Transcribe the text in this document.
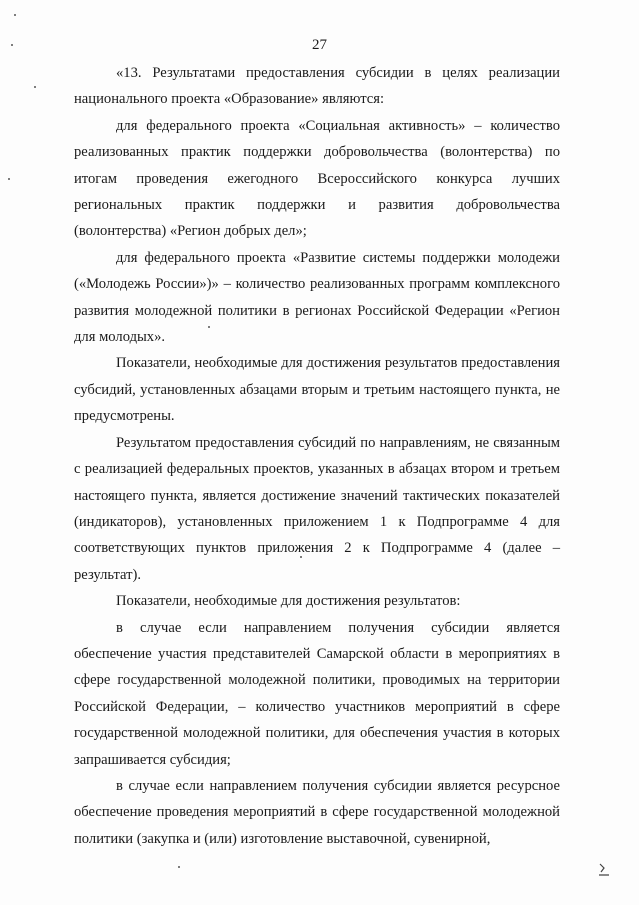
27

«13. Результатами предоставления субсидии в целях реализации национального проекта «Образование» являются:

для федерального проекта «Социальная активность» – количество реализованных практик поддержки добровольчества (волонтерства) по итогам проведения ежегодного Всероссийского конкурса лучших региональных практик поддержки и развития добровольчества (волонтерства) «Регион добрых дел»;

для федерального проекта «Развитие системы поддержки молодежи («Молодежь России»)» – количество реализованных программ комплексного развития молодежной политики в регионах Российской Федерации «Регион для молодых».

Показатели, необходимые для достижения результатов предоставления субсидий, установленных абзацами вторым и третьим настоящего пункта, не предусмотрены.

Результатом предоставления субсидий по направлениям, не связанным с реализацией федеральных проектов, указанных в абзацах втором и третьем настоящего пункта, является достижение значений тактических показателей (индикаторов), установленных приложением 1 к Подпрограмме 4 для соответствующих пунктов приложения 2 к Подпрограмме 4 (далее – результат).

Показатели, необходимые для достижения результатов:

в случае если направлением получения субсидии является обеспечение участия представителей Самарской области в мероприятиях в сфере государственной молодежной политики, проводимых на территории Российской Федерации, – количество участников мероприятий в сфере государственной молодежной политики, для обеспечения участия в которых запрашивается субсидия;

в случае если направлением получения субсидии является ресурсное обеспечение проведения мероприятий в сфере государственной молодежной политики (закупка и (или) изготовление выставочной, сувенирной,
